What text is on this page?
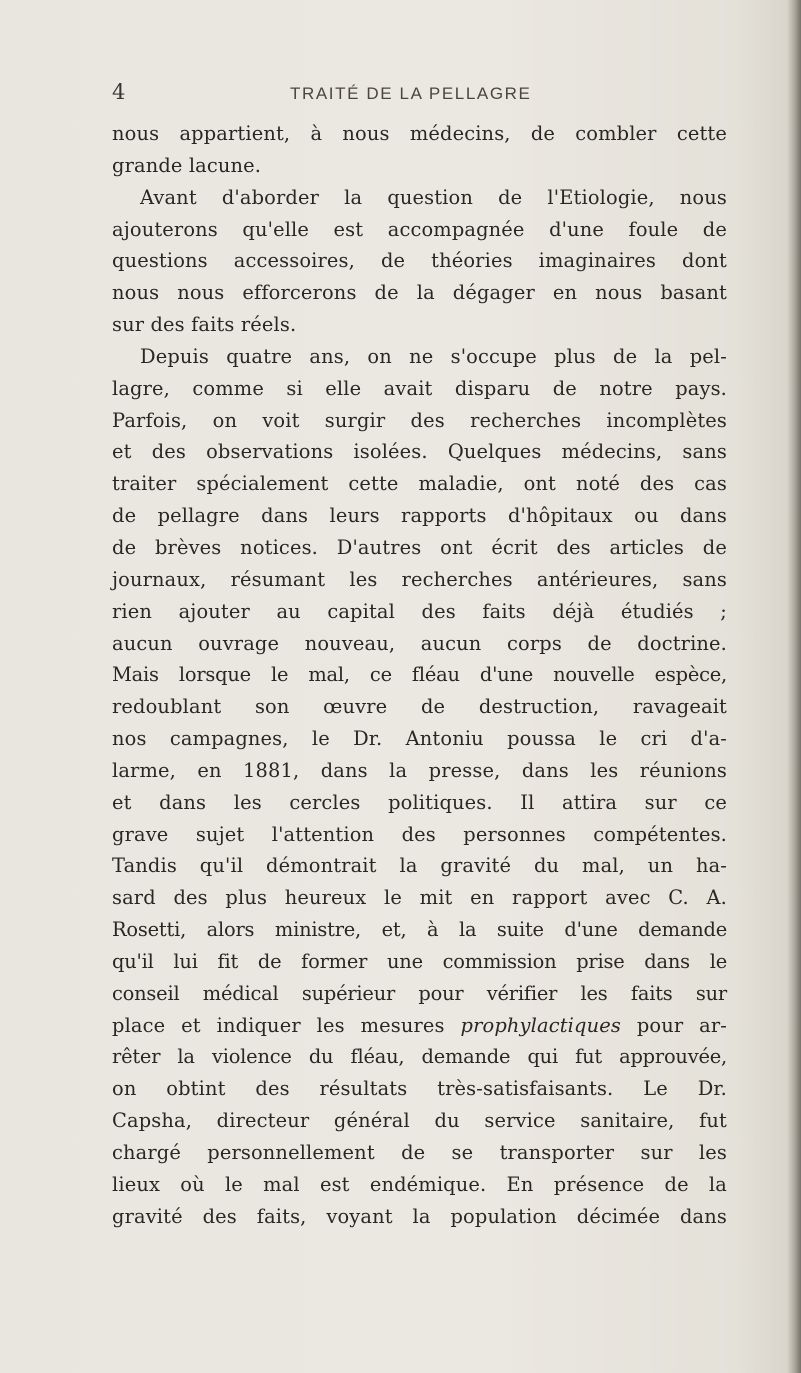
4	TRAITÉ DE LA PELLAGRE
nous appartient, à nous médecins, de combler cette
grande lacune.
Avant d'aborder la question de l'Etiologie, nous
ajouterons qu'elle est accompagnée d'une foule de
questions accessoires, de théories imaginaires dont
nous nous efforcerons de la dégager en nous basant
sur des faits réels.
Depuis quatre ans, on ne s'occupe plus de la pel-
lagre, comme si elle avait disparu de notre pays.
Parfois, on voit surgir des recherches incomplètes
et des observations isolées. Quelques médecins, sans
traiter spécialement cette maladie, ont noté des cas
de pellagre dans leurs rapports d'hôpitaux ou dans
de brèves notices. D'autres ont écrit des articles de
journaux, résumant les recherches antérieures, sans
rien ajouter au capital des faits déjà étudiés ;
aucun ouvrage nouveau, aucun corps de doctrine.
Mais lorsque le mal, ce fléau d'une nouvelle espèce,
redoublant son œuvre de destruction, ravageait
nos campagnes, le Dr. Antoniu poussa le cri d'a-
larme, en 1881, dans la presse, dans les réunions
et dans les cercles politiques. Il attira sur ce
grave sujet l'attention des personnes compétentes.
Tandis qu'il démontrait la gravité du mal, un ha-
sard des plus heureux le mit en rapport avec C. A.
Rosetti, alors ministre, et, à la suite d'une demande
qu'il lui fit de former une commission prise dans le
conseil médical supérieur pour vérifier les faits sur
place et indiquer les mesures prophylactiques pour ar-
rêter la violence du fléau, demande qui fut approuvée,
on obtint des résultats très-satisfaisants. Le Dr.
Capsha, directeur général du service sanitaire, fut
chargé personnellement de se transporter sur les
lieux où le mal est endémique. En présence de la
gravité des faits, voyant la population décimée dans
